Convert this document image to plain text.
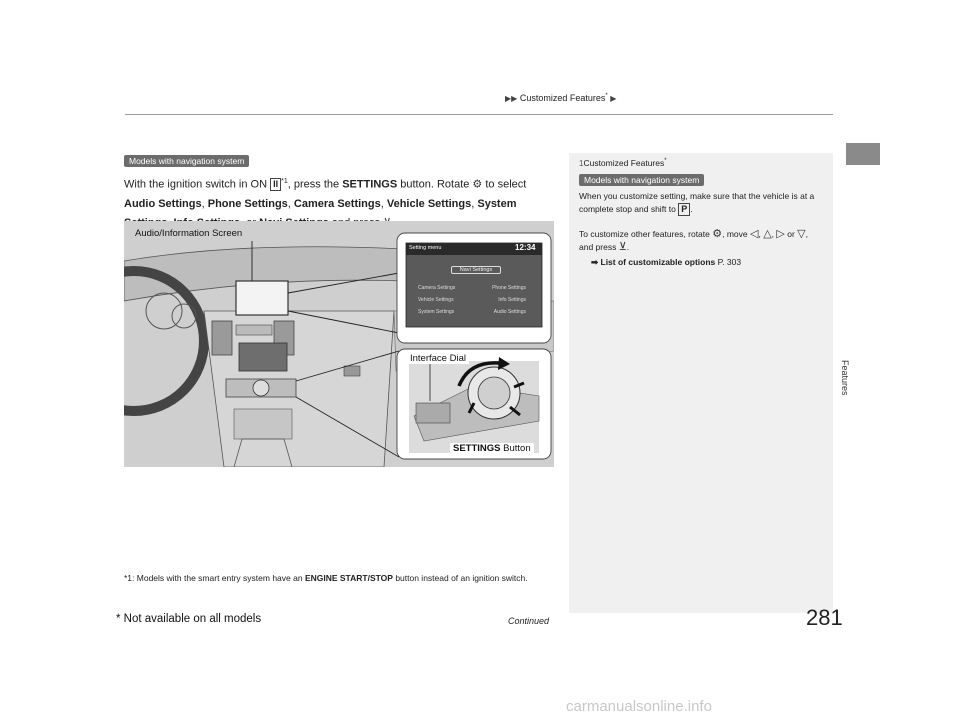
▶▶ Customized Features* ▶
Features
Models with navigation system
With the ignition switch in ON II $^{*1}$, press the SETTINGS button. Rotate ⚙ to select Audio Settings, Phone Settings, Camera Settings, Vehicle Settings, System
Setting menu	12:34
Navi Settings
Camera Settings
Vehicle Settings
System Settings
Phone Settings
Info Settings
Audio Settings
Audio/Information Screen
Interface Dial
SETTINGS Button
*1: Models with the smart entry system have an ENGINE START/STOP button instead of an ignition switch.
1Customized Features*
Models with navigation system
When you customize setting, make sure that the vehicle is at a complete stop and shift to P .
To customize other features, rotate ⚙, move ◁, △, ▷ or ▽, and press ⊻.
➡ List of customizable options P. 303
* Not available on all models	Continued	281
carmanualsonline.info
